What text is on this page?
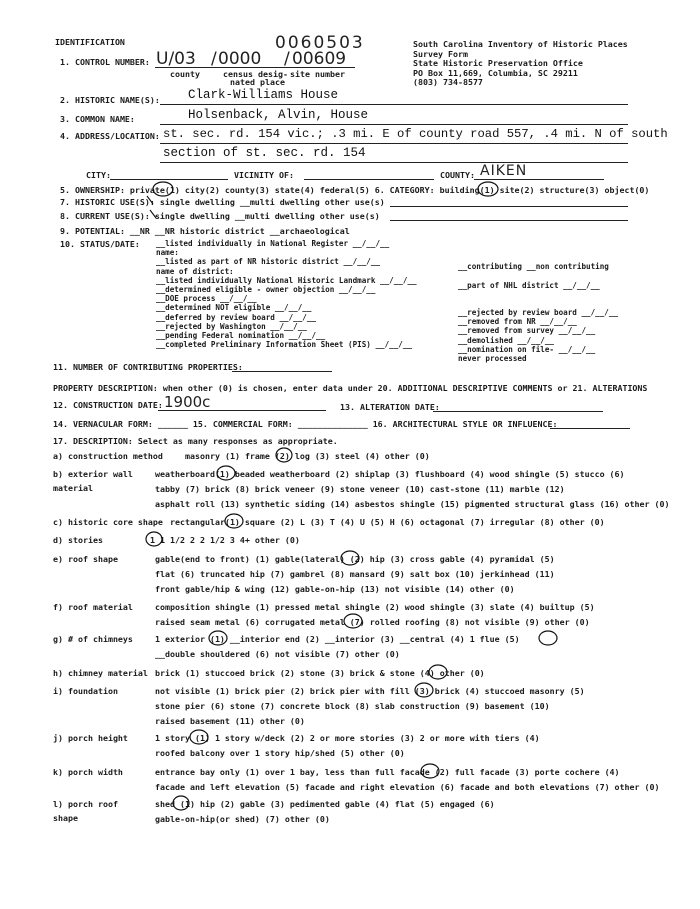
IDENTIFICATION	0060503	South Carolina Inventory of Historic Places
Survey Form
State Historic Preservation Office
PO Box 11,669, Columbia, SC 29211
(803) 734-8577
1. CONTROL NUMBER: U/03 0000 00609
/	/
county	census desig-
nated place
site number
2. HISTORIC NAME(S): Clark-Williams House
3. COMMON NAME:	Holsenback, Alvin, House
4. ADDRESS/LOCATION: st. sec. rd. 154 vic.; .3 mi. E of county road 557, .4 mi. N of south
section of st. sec. rd. 154
CITY:	VICINITY OF:	COUNTY: AIKEN
5. OWNERSHIP: private(1) city(2) county(3) state(4) federal(5) 6. CATEGORY: building(1) site(2) structure(3) object(0)
7. HISTORIC USE(S): single dwelling __multi dwelling other use(s)
8. CURRENT USE(S): single dwelling __multi dwelling other use(s)
9. POTENTIAL: __NR __NR historic district __archaeological
10. STATUS/DATE: __listed individually in National Register __/__/__
name:
__listed as part of NR historic district __/__/__
name of district:
__listed individually National Historic Landmark __/__/__
__determined eligible - owner objection __/__/__
__DOE process __/__/__
__determined NOT eligible __/__/__
__deferred by review board __/__/__
__rejected by Washington __/__/__
__pending Federal nomination __/__/__
__completed Preliminary Information Sheet (PIS) __/__/__
__contributing __non contributing
__part of NHL district __/__/__
__rejected by review board __/__/__
__removed from NR __/__/__
__removed from survey __/__/__
__demolished __/__/__
__nomination on file- __/__/__
never processed
11. NUMBER OF CONTRIBUTING PROPERTIES:
PROPERTY DESCRIPTION: when other (0) is chosen, enter data under 20. ADDITIONAL DESCRIPTIVE COMMENTS or 21. ALTERATIONS
12. CONSTRUCTION DATE: 1900c	13. ALTERATION DATE:
14. VERNACULAR FORM: ______ 15. COMMERCIAL FORM: ______________ 16. ARCHITECTURAL STYLE OR INFLUENCE:
17. DESCRIPTION: Select as many responses as appropriate.
a) construction method	masonry (1) frame (2) log (3) steel (4) other (0)
b) exterior wall
material
weatherboard(1) beaded weatherboard (2) shiplap (3) flushboard (4) wood shingle (5) stucco (6)
tabby (7) brick (8) brick veneer (9) stone veneer (10) cast-stone (11) marble (12)
asphalt roll (13) synthetic siding (14) asbestos shingle (15) pigmented structural glass (16) other (0)
c) historic core shape rectangular(1) square (2) L (3) T (4) U (5) H (6) octagonal (7) irregular (8) other (0)
d) stories	1 1 1/2 2 2 1/2 3 4+ other (0)
e) roof shape	gable(end to front) (1) gable(lateral) (2) hip (3) cross gable (4) pyramidal (5)
flat (6) truncated hip (7) gambrel (8) mansard (9) salt box (10) jerkinhead (11)
front gable/hip & wing (12) gable-on-hip (13) not visible (14) other (0)
f) roof material	composition shingle (1) pressed metal shingle (2) wood shingle (3) slate (4) builtup (5)
raised seam metal (6) corrugated metal (7) rolled roofing (8) not visible (9) other (0)
g) # of chimneys	1 exterior (1) __interior end (2) __interior (3) __central (4) 1 flue (5)
__double shouldered (6) not visible (7) other (0)
h) chimney material brick (1) stuccoed brick (2) stone (3) brick & stone (4) other (0)
i) foundation	not visible (1) brick pier (2) brick pier with fill (3) brick (4) stuccoed masonry (5)
stone pier (6) stone (7) concrete block (8) slab construction (9) basement (10)
raised basement (11) other (0)
j) porch height	1 story (1) 1 story w/deck (2) 2 or more stories (3) 2 or more with tiers (4)
roofed balcony over 1 story hip/shed (5) other (0)
k) porch width	entrance bay only (1) over 1 bay, less than full facade (2) full facade (3) porte cochere (4)
facade and left elevation (5) facade and right elevation (6) facade and both elevations (7) other (0)
l) porch roof
shape
shed (1) hip (2) gable (3) pedimented gable (4) flat (5) engaged (6)
gable-on-hip(or shed) (7) other (0)
